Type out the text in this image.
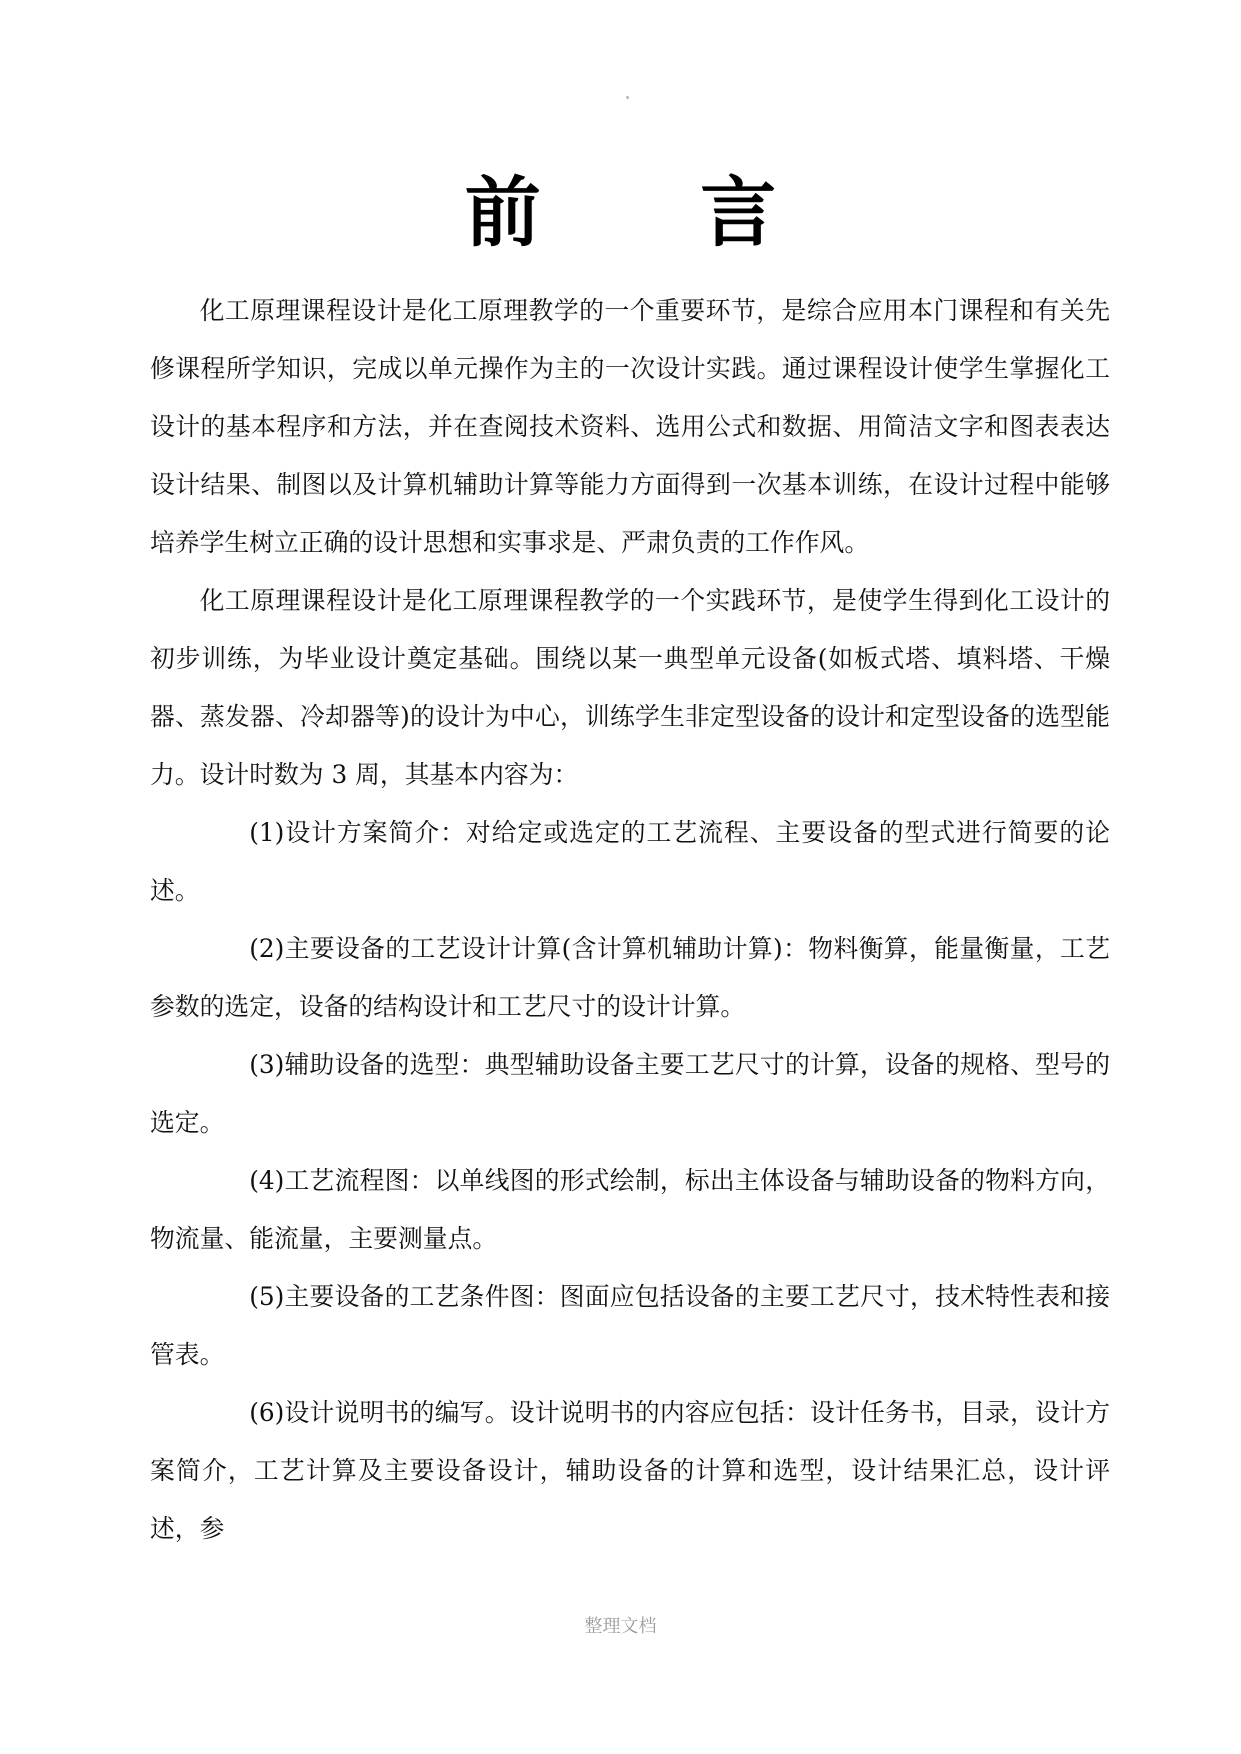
前　言

化工原理课程设计是化工原理教学的一个重要环节，是综合应用本门课程和有关先修课程所学知识，完成以单元操作为主的一次设计实践。通过课程设计使学生掌握化工设计的基本程序和方法，并在查阅技术资料、选用公式和数据、用简洁文字和图表表达设计结果、制图以及计算机辅助计算等能力方面得到一次基本训练，在设计过程中能够培养学生树立正确的设计思想和实事求是、严肃负责的工作作风。

化工原理课程设计是化工原理课程教学的一个实践环节，是使学生得到化工设计的初步训练，为毕业设计奠定基础。围绕以某一典型单元设备(如板式塔、填料塔、干燥器、蒸发器、冷却器等)的设计为中心，训练学生非定型设备的设计和定型设备的选型能力。设计时数为 3 周，其基本内容为：

(1)设计方案简介：对给定或选定的工艺流程、主要设备的型式进行简要的论述。

(2)主要设备的工艺设计计算(含计算机辅助计算)：物料衡算，能量衡量，工艺参数的选定，设备的结构设计和工艺尺寸的设计计算。

(3)辅助设备的选型：典型辅助设备主要工艺尺寸的计算，设备的规格、型号的选定。

(4)工艺流程图：以单线图的形式绘制，标出主体设备与辅助设备的物料方向，物流量、能流量，主要测量点。

(5)主要设备的工艺条件图：图面应包括设备的主要工艺尺寸，技术特性表和接管表。

(6)设计说明书的编写。设计说明书的内容应包括：设计任务书，目录，设计方案简介，工艺计算及主要设备设计，辅助设备的计算和选型，设计结果汇总，设计评述，参

整理文档
